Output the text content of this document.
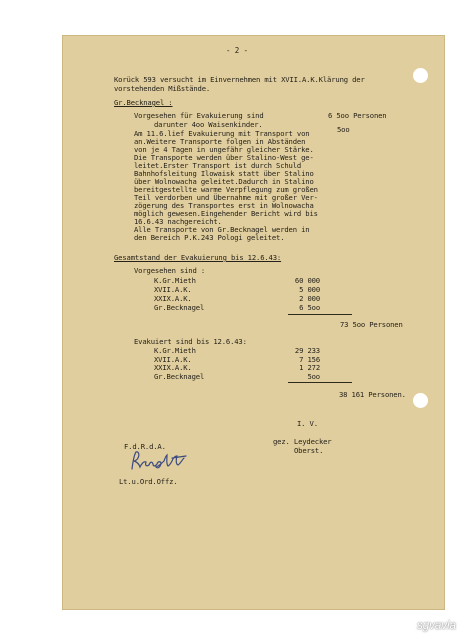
- 2 -
Korück 593 versucht im Einvernehmen mit XVII.A.K.Klärung der
vorstehenden Mißstände.
Gr.Becknagel :
Vorgesehen für Evakuierung sind	6 5oo Personen
darunter 4oo Waisenkinder.
5oo
Am 11.6.lief Evakuierung mit Transport von
an.Weitere Transporte folgen in Abständen
von je 4 Tagen in ungefähr gleicher Stärke.
Die Transporte werden über Stalino-West ge-
leitet.Erster Transport ist durch Schuld
Bahnhofsleitung Ilowaisk statt über Stalino
über Wolnowacha geleitet.Dadurch in Stalino
bereitgestellte warme Verpflegung zum großen
Teil verdorben und Übernahme mit großer Ver-
zögerung des Transportes erst in Wolnowacha
möglich gewesen.Eingehender Bericht wird bis
16.6.43 nachgereicht.
Alle Transporte von Gr.Becknagel werden in
den Bereich P.K.243 Pologi geleitet.
Gesamtstand der Evakuierung bis 12.6.43:
Vorgesehen sind :
K.Gr.Mieth	60 000
XVII.A.K.	5 000
XXIX.A.K.	2 000
Gr.Becknagel	6 5oo
73 5oo Personen
Evakuiert sind bis 12.6.43:
K.Gr.Mieth	29 233
XVII.A.K.	7 156
XXIX.A.K.	1 272
Gr.Becknagel	5oo
38 161 Personen.
I. V.
gez. Leydecker
Oberst.
F.d.R.d.A.
Lt.u.Ord.Offz.
sgvavia
